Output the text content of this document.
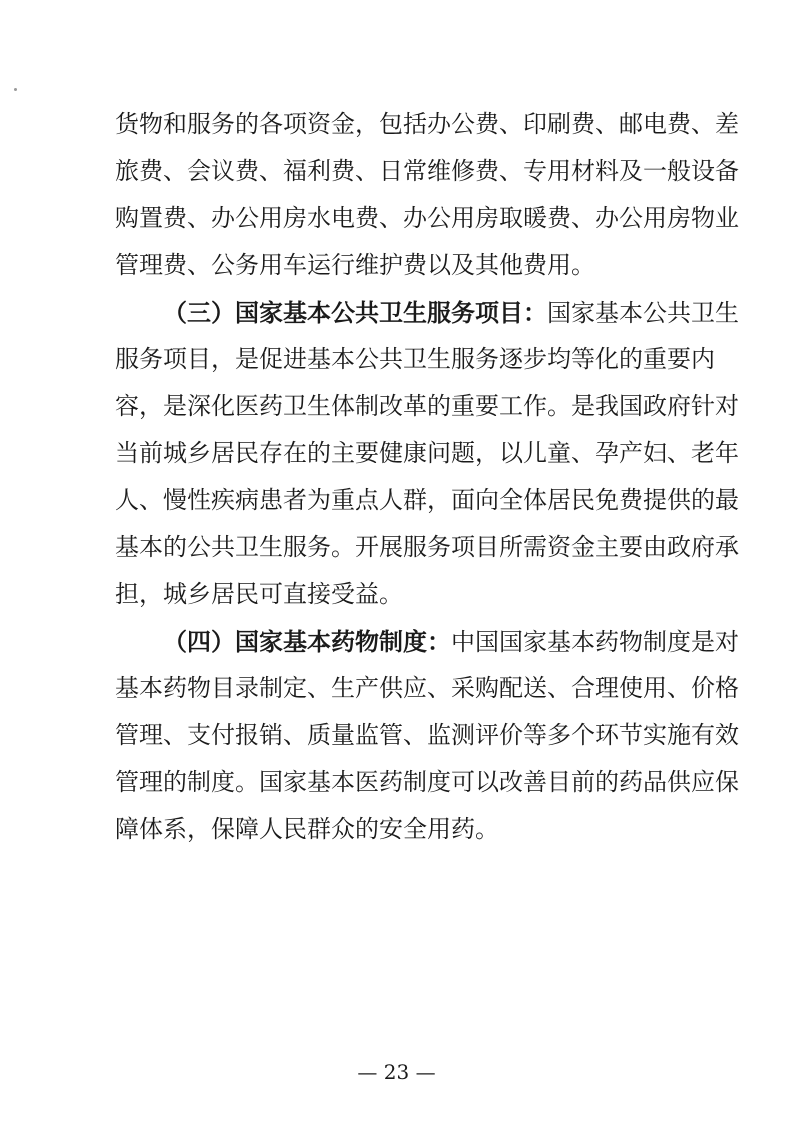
货物和服务的各项资金，包括办公费、印刷费、邮电费、差
旅费、会议费、福利费、日常维修费、专用材料及一般设备
购置费、办公用房水电费、办公用房取暖费、办公用房物业
管理费、公务用车运行维护费以及其他费用。
（三）国家基本公共卫生服务项目：国家基本公共卫生
服务项目，是促进基本公共卫生服务逐步均等化的重要内
容，是深化医药卫生体制改革的重要工作。是我国政府针对
当前城乡居民存在的主要健康问题，以儿童、孕产妇、老年
人、慢性疾病患者为重点人群，面向全体居民免费提供的最
基本的公共卫生服务。开展服务项目所需资金主要由政府承
担，城乡居民可直接受益。
（四）国家基本药物制度：中国国家基本药物制度是对
基本药物目录制定、生产供应、采购配送、合理使用、价格
管理、支付报销、质量监管、监测评价等多个环节实施有效
管理的制度。国家基本医药制度可以改善目前的药品供应保
障体系，保障人民群众的安全用药。
— 23 —
